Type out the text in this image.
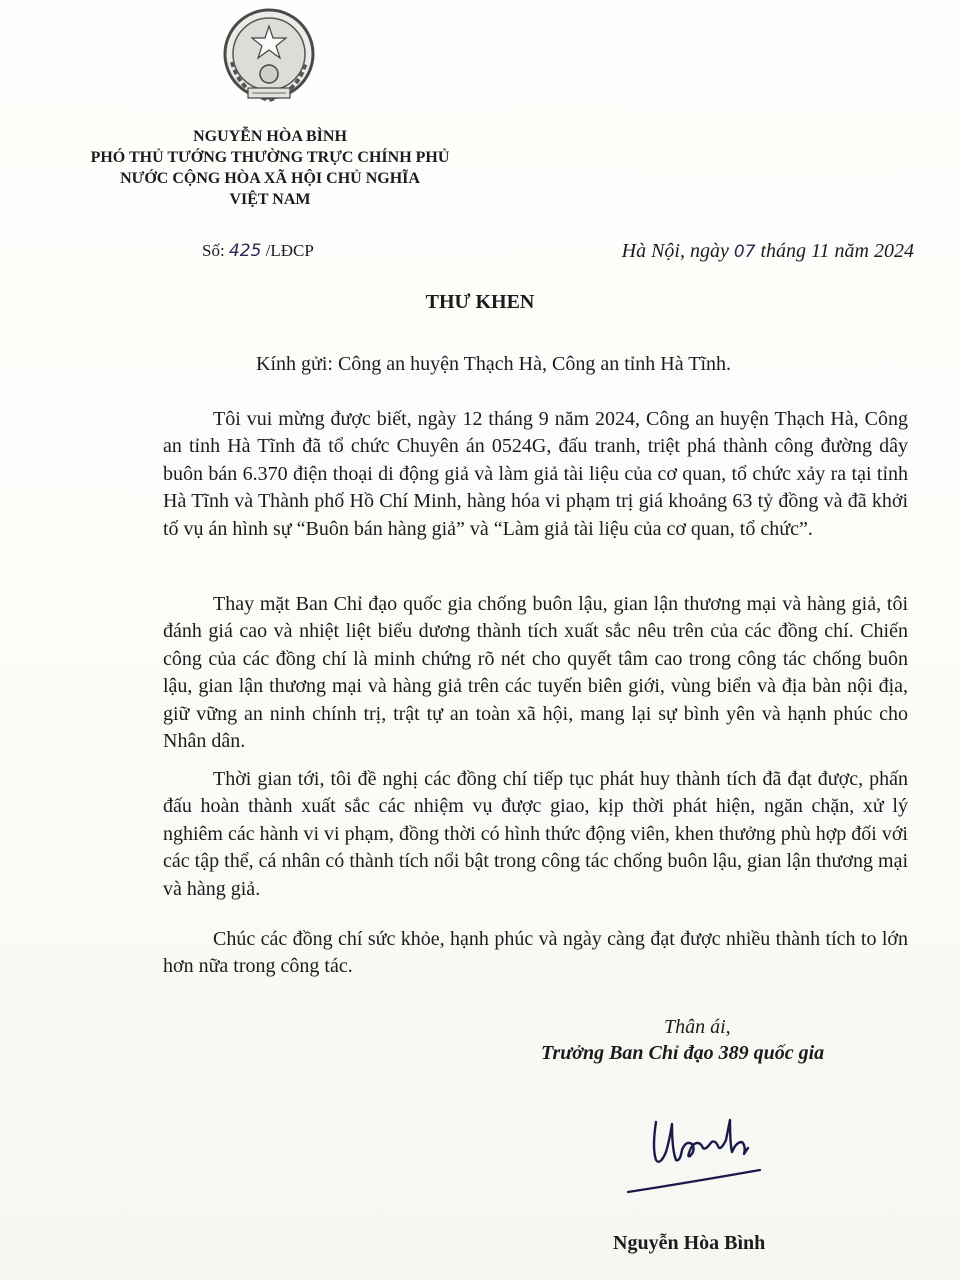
NGUYỄN HÒA BÌNH
PHÓ THỦ TƯỚNG THƯỜNG TRỰC CHÍNH PHỦ
NƯỚC CỘNG HÒA XÃ HỘI CHỦ NGHĨA
VIỆT NAM
Số: 425 /LĐCP	Hà Nội, ngày 07 tháng 11 năm 2024
THƯ KHEN
Kính gửi: Công an huyện Thạch Hà, Công an tỉnh Hà Tĩnh.
Tôi vui mừng được biết, ngày 12 tháng 9 năm 2024, Công an huyện Thạch Hà, Công an tỉnh Hà Tĩnh đã tổ chức Chuyên án 0524G, đấu tranh, triệt phá thành công đường dây buôn bán 6.370 điện thoại di động giả và làm giả tài liệu của cơ quan, tổ chức xảy ra tại tỉnh Hà Tĩnh và Thành phố Hồ Chí Minh, hàng hóa vi phạm trị giá khoảng 63 tỷ đồng và đã khởi tố vụ án hình sự “Buôn bán hàng giả” và “Làm giả tài liệu của cơ quan, tổ chức”.
Thay mặt Ban Chỉ đạo quốc gia chống buôn lậu, gian lận thương mại và hàng giả, tôi đánh giá cao và nhiệt liệt biểu dương thành tích xuất sắc nêu trên của các đồng chí. Chiến công của các đồng chí là minh chứng rõ nét cho quyết tâm cao trong công tác chống buôn lậu, gian lận thương mại và hàng giả trên các tuyến biên giới, vùng biển và địa bàn nội địa, giữ vững an ninh chính trị, trật tự an toàn xã hội, mang lại sự bình yên và hạnh phúc cho Nhân dân.
Thời gian tới, tôi đề nghị các đồng chí tiếp tục phát huy thành tích đã đạt được, phấn đấu hoàn thành xuất sắc các nhiệm vụ được giao, kịp thời phát hiện, ngăn chặn, xử lý nghiêm các hành vi vi phạm, đồng thời có hình thức động viên, khen thưởng phù hợp đối với các tập thể, cá nhân có thành tích nổi bật trong công tác chống buôn lậu, gian lận thương mại và hàng giả.
Chúc các đồng chí sức khỏe, hạnh phúc và ngày càng đạt được nhiều thành tích to lớn hơn nữa trong công tác.
Thân ái,
Trưởng Ban Chỉ đạo 389 quốc gia
Nguyễn Hòa Bình
